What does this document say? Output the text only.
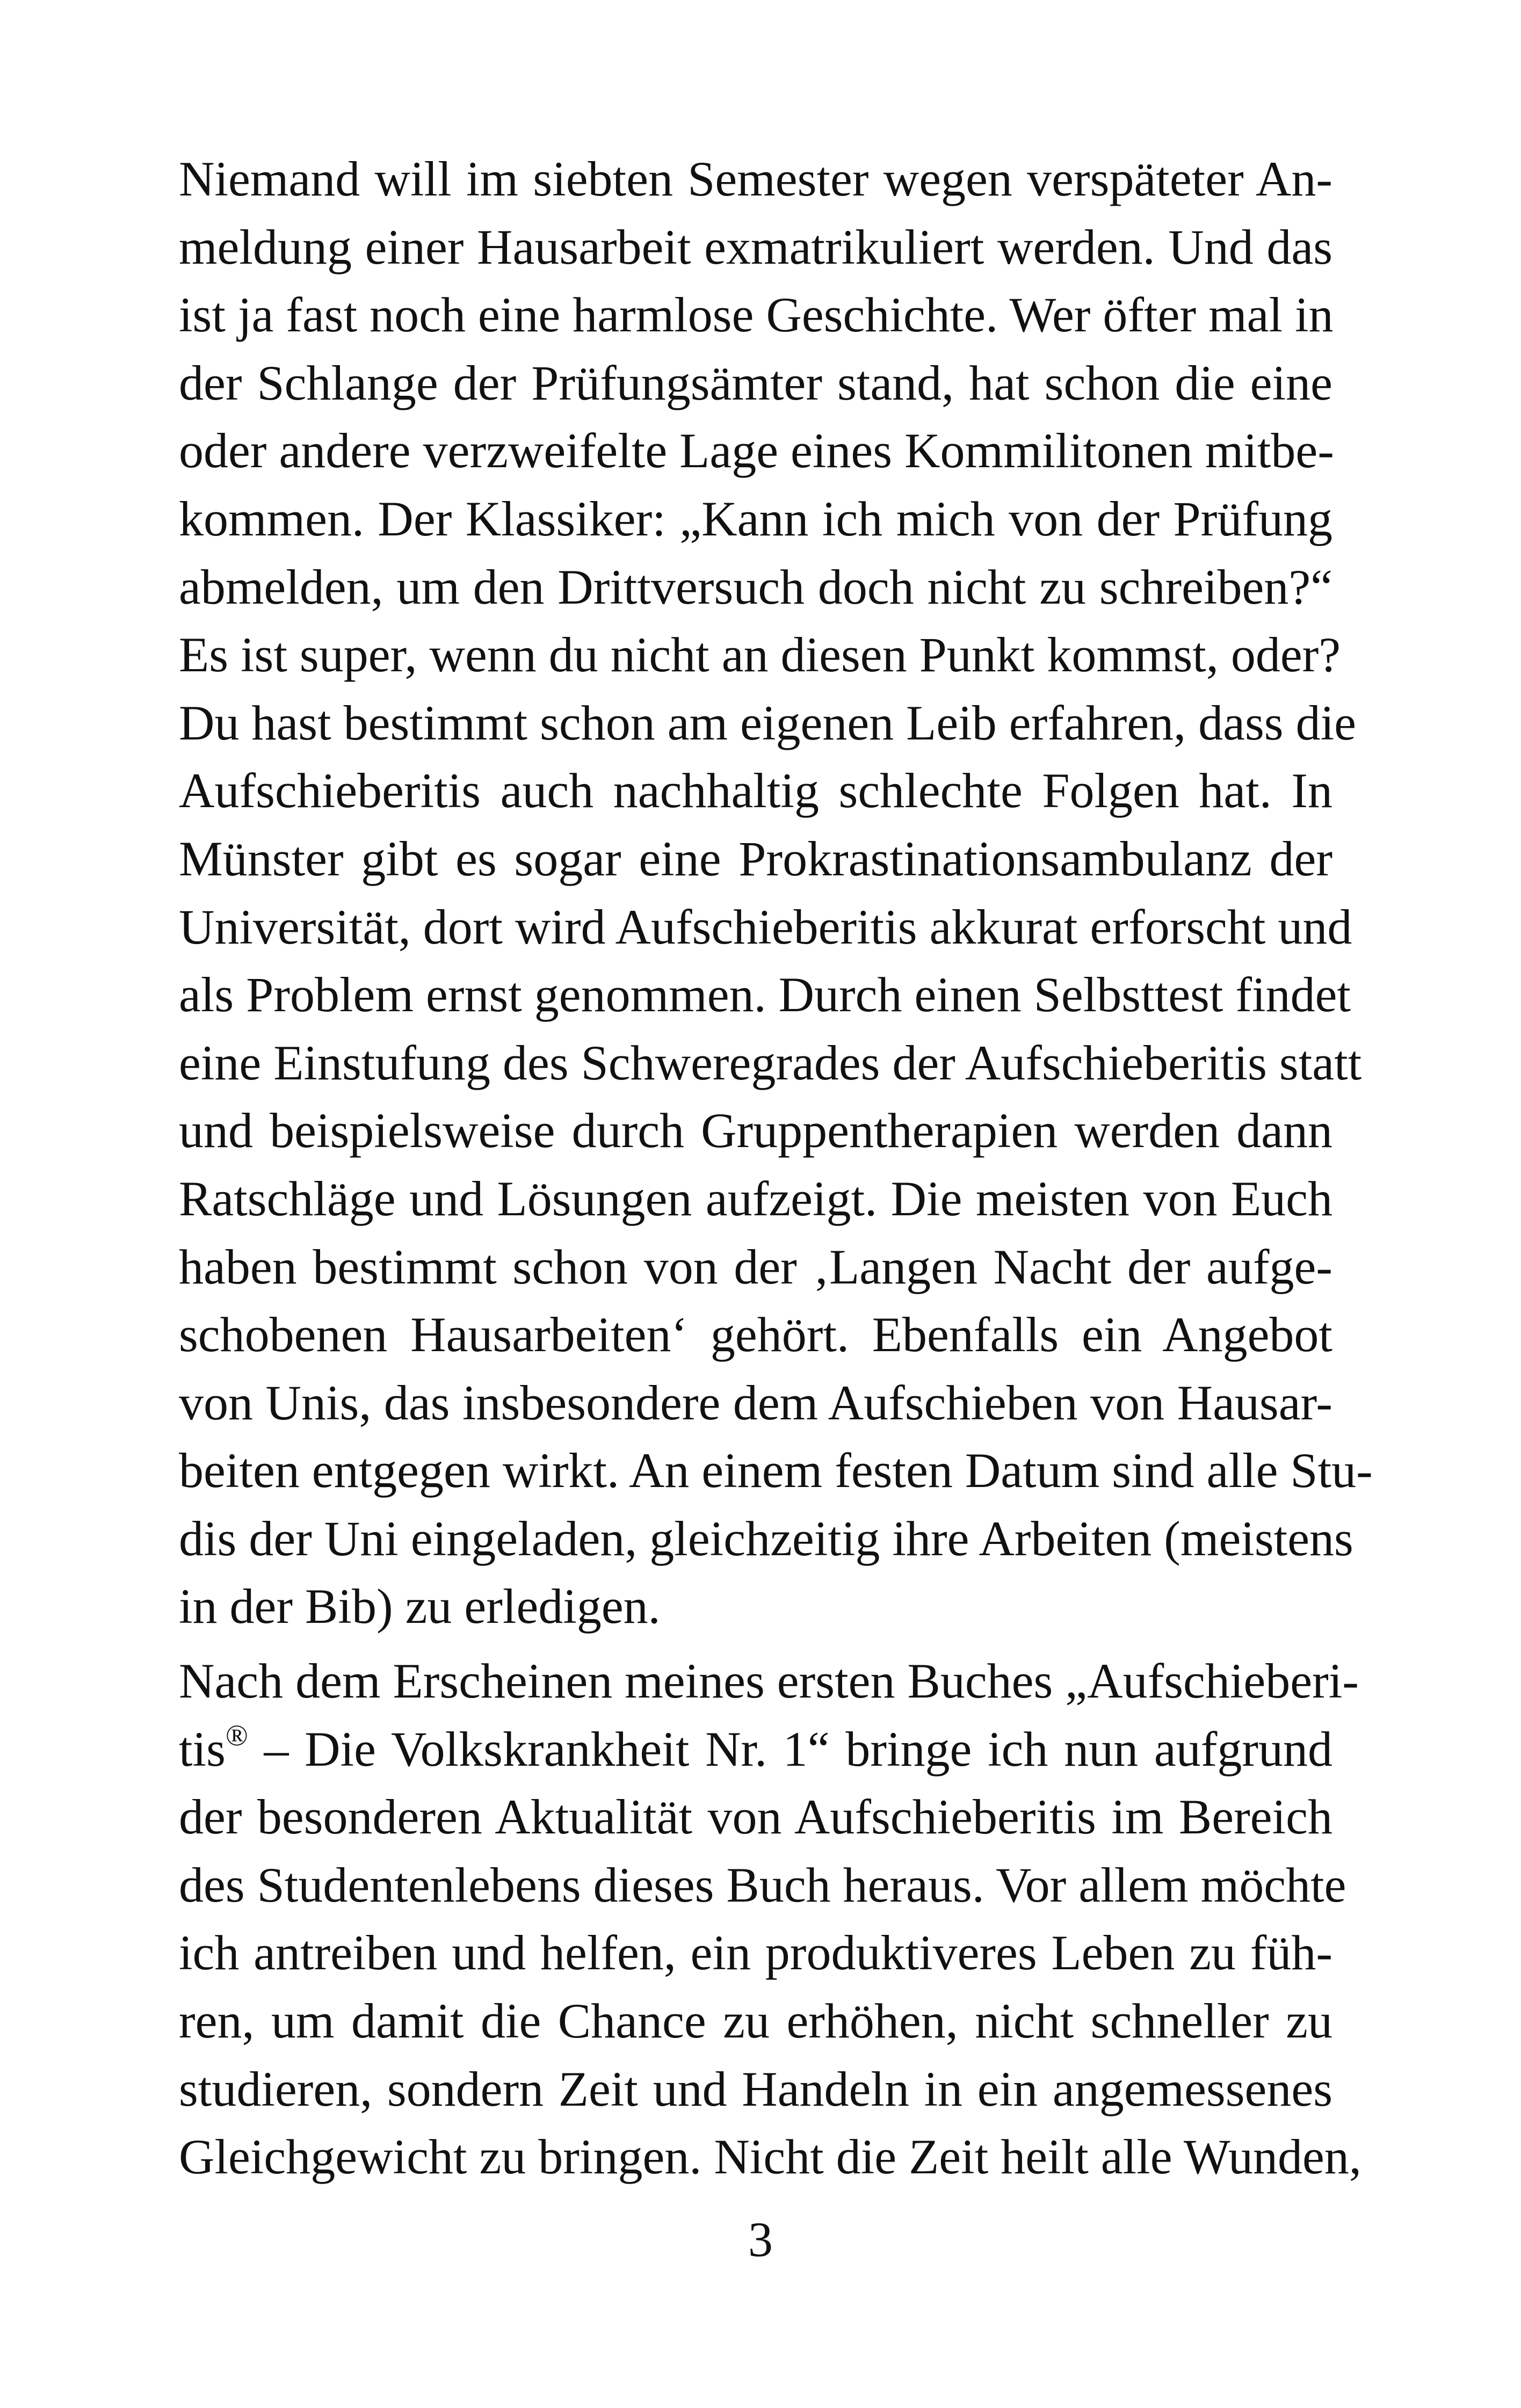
Niemand will im siebten Semester wegen verspäteter An-
meldung einer Hausarbeit exmatrikuliert werden. Und das
ist ja fast noch eine harmlose Geschichte. Wer öfter mal in
der Schlange der Prüfungsämter stand, hat schon die eine
oder andere verzweifelte Lage eines Kommilitonen mitbe-
kommen. Der Klassiker: „Kann ich mich von der Prüfung
abmelden, um den Drittversuch doch nicht zu schreiben?“
Es ist super, wenn du nicht an diesen Punkt kommst, oder?
Du hast bestimmt schon am eigenen Leib erfahren, dass die
Aufschieberitis auch nachhaltig schlechte Folgen hat. In
Münster gibt es sogar eine Prokrastinationsambulanz der
Universität, dort wird Aufschieberitis akkurat erforscht und
als Problem ernst genommen. Durch einen Selbsttest findet
eine Einstufung des Schweregrades der Aufschieberitis statt
und beispielsweise durch Gruppentherapien werden dann
Ratschläge und Lösungen aufzeigt. Die meisten von Euch
haben bestimmt schon von der ‚Langen Nacht der aufge-
schobenen Hausarbeiten‘ gehört. Ebenfalls ein Angebot
von Unis, das insbesondere dem Aufschieben von Hausar-
beiten entgegen wirkt. An einem festen Datum sind alle Stu-
dis der Uni eingeladen, gleichzeitig ihre Arbeiten (meistens
in der Bib) zu erledigen.
Nach dem Erscheinen meines ersten Buches „Aufschieberi-
tis® – Die Volkskrankheit Nr. 1“ bringe ich nun aufgrund
der besonderen Aktualität von Aufschieberitis im Bereich
des Studentenlebens dieses Buch heraus. Vor allem möchte
ich antreiben und helfen, ein produktiveres Leben zu füh-
ren, um damit die Chance zu erhöhen, nicht schneller zu
studieren, sondern Zeit und Handeln in ein angemessenes
Gleichgewicht zu bringen. Nicht die Zeit heilt alle Wunden,
3
